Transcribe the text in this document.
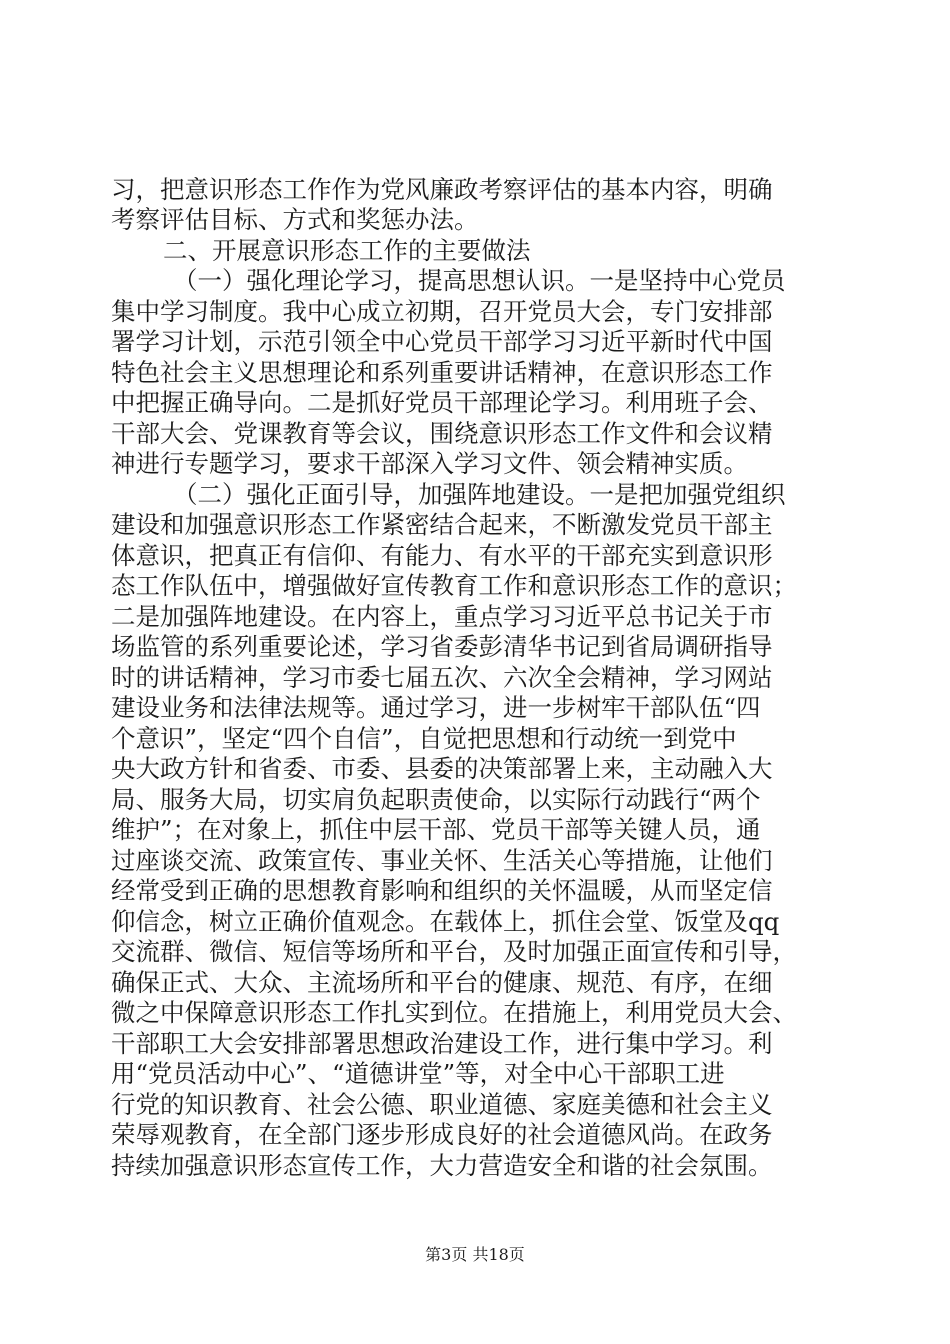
习，把意识形态工作作为党风廉政考察评估的基本内容，明确
考察评估目标、方式和奖惩办法。
二、开展意识形态工作的主要做法
（一）强化理论学习，提高思想认识。一是坚持中心党员
集中学习制度。我中心成立初期，召开党员大会，专门安排部
署学习计划，示范引领全中心党员干部学习习近平新时代中国
特色社会主义思想理论和系列重要讲话精神，在意识形态工作
中把握正确导向。二是抓好党员干部理论学习。利用班子会、
干部大会、党课教育等会议，围绕意识形态工作文件和会议精
神进行专题学习，要求干部深入学习文件、领会精神实质。
（二）强化正面引导，加强阵地建设。一是把加强党组织
建设和加强意识形态工作紧密结合起来，不断激发党员干部主
体意识，把真正有信仰、有能力、有水平的干部充实到意识形
态工作队伍中，增强做好宣传教育工作和意识形态工作的意识；
二是加强阵地建设。在内容上，重点学习习近平总书记关于市
场监管的系列重要论述，学习省委彭清华书记到省局调研指导
时的讲话精神，学习市委七届五次、六次全会精神，学习网站
建设业务和法律法规等。通过学习，进一步树牢干部队伍“四
个意识”，坚定“四个自信”，自觉把思想和行动统一到党中
央大政方针和省委、市委、县委的决策部署上来，主动融入大
局、服务大局，切实肩负起职责使命，以实际行动践行“两个
维护”；在对象上，抓住中层干部、党员干部等关键人员，通
过座谈交流、政策宣传、事业关怀、生活关心等措施，让他们
经常受到正确的思想教育影响和组织的关怀温暖，从而坚定信
仰信念，树立正确价值观念。在载体上，抓住会堂、饭堂及qq
交流群、微信、短信等场所和平台，及时加强正面宣传和引导，
确保正式、大众、主流场所和平台的健康、规范、有序，在细
微之中保障意识形态工作扎实到位。在措施上，利用党员大会、
干部职工大会安排部署思想政治建设工作，进行集中学习。利
用“党员活动中心”、“道德讲堂”等，对全中心干部职工进
行党的知识教育、社会公德、职业道德、家庭美德和社会主义
荣辱观教育，在全部门逐步形成良好的社会道德风尚。在政务
持续加强意识形态宣传工作，大力营造安全和谐的社会氛围。
第3页 共18页
